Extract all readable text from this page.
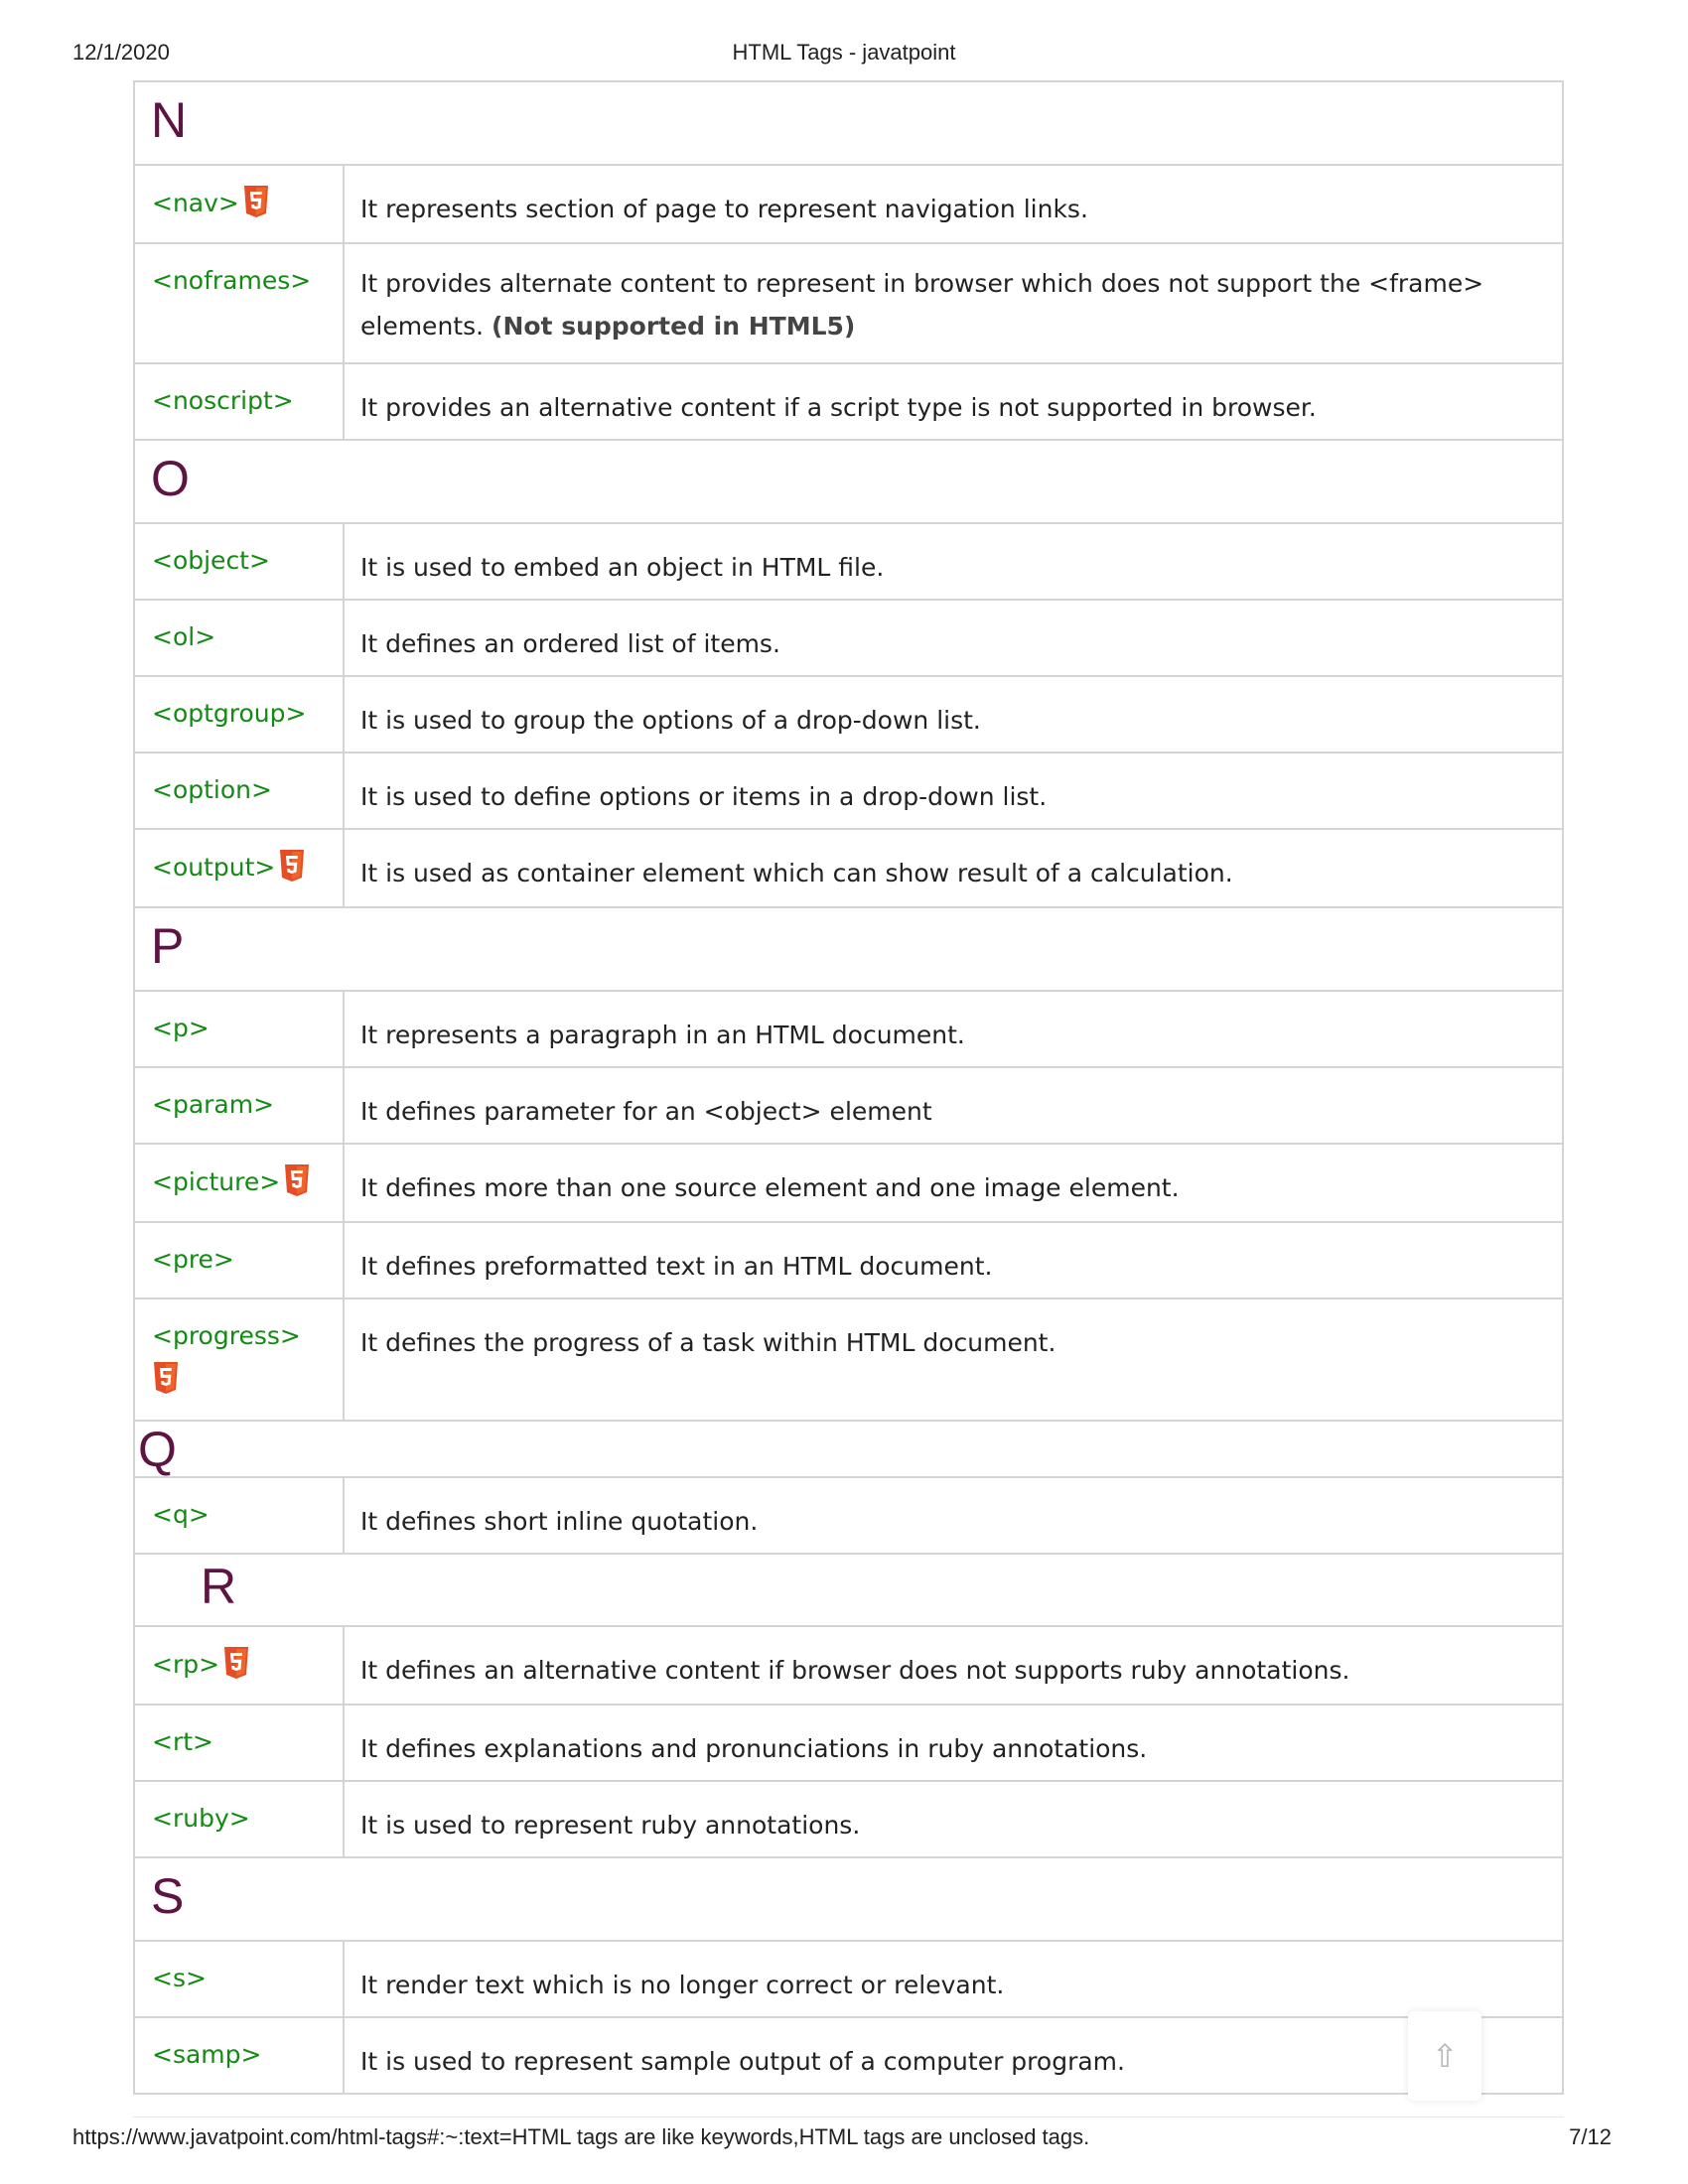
12/1/2020	HTML Tags - javatpoint
N	
<nav>	It represents section of page to represent navigation links.
<noframes>	It provides alternate content to represent in browser which does not support the <frame> elements. (Not supported in HTML5)
<noscript>	It provides an alternative content if a script type is not supported in browser.
O	
<object>	It is used to embed an object in HTML file.
<ol>	It defines an ordered list of items.
<optgroup>	It is used to group the options of a drop-down list.
<option>	It is used to define options or items in a drop-down list.
<output>	It is used as container element which can show result of a calculation.
P	
<p>	It represents a paragraph in an HTML document.
<param>	It defines parameter for an <object> element
<picture>	It defines more than one source element and one image element.
<pre>	It defines preformatted text in an HTML document.
<progress>	It defines the progress of a task within HTML document.
Q	
<q>	It defines short inline quotation.
R	
<rp>	It defines an alternative content if browser does not supports ruby annotations.
<rt>	It defines explanations and pronunciations in ruby annotations.
<ruby>	It is used to represent ruby annotations.
S	
<s>	It render text which is no longer correct or relevant.
<samp>	It is used to represent sample output of a computer program.	⇧
https://www.javatpoint.com/html-tags#:~:text=HTML tags are like keywords,HTML tags are unclosed tags.	7/12
